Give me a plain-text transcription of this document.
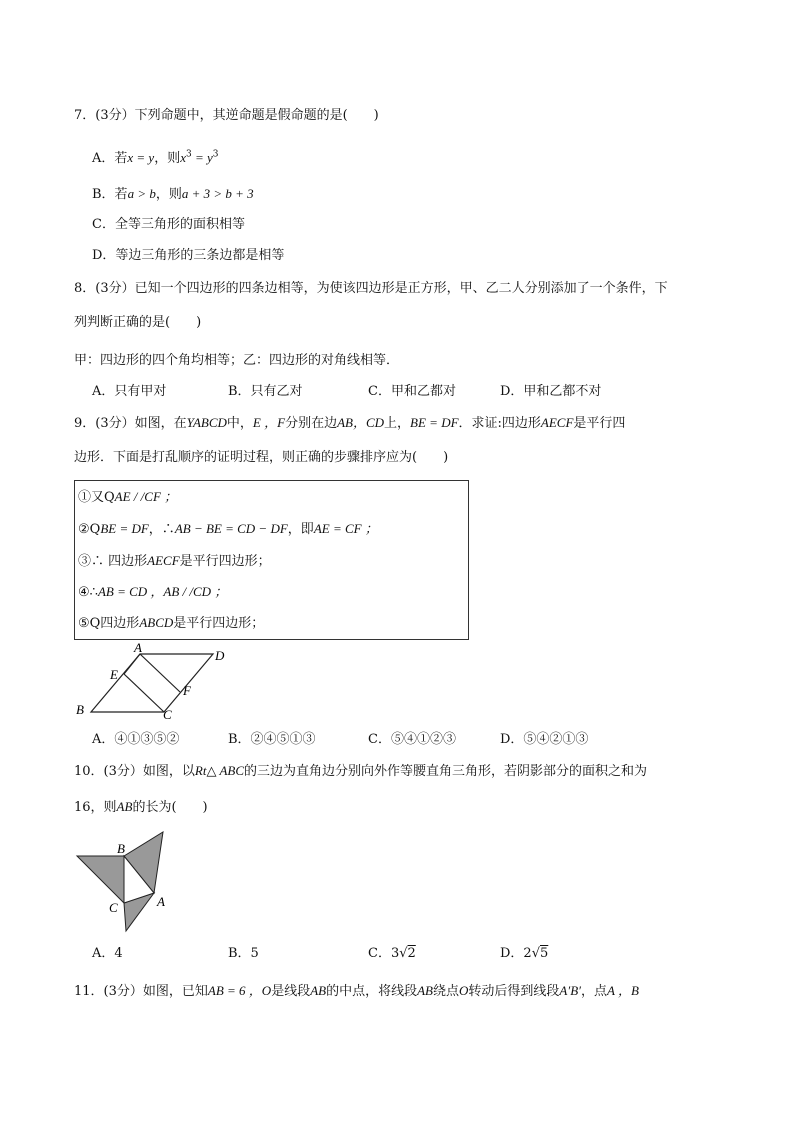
7．(3分）下列命题中，其逆命题是假命题的是(　　)
A．若x = y，则$x^3 = y^3$
B．若a > b，则a + 3 > b + 3
C．全等三角形的面积相等
D．等边三角形的三条边都是相等
8．(3分）已知一个四边形的四条边相等，为使该四边形是正方形，甲、乙二人分别添加了一个条件，下
列判断正确的是(　　)
甲：四边形的四个角均相等；乙：四边形的对角线相等．
A．只有甲对	B．只有乙对	C．甲和乙都对	D．甲和乙都不对
9．(3分）如图，在YABCD中，E ，F分别在边AB，CD上，BE = DF．求证:四边形AECF是平行四
边形．下面是打乱顺序的证明过程，则正确的步骤排序应为(　　)
①又QAE / /CF ；
②QBE = DF，∴AB − BE = CD − DF，即AE = CF ；
③∴ 四边形AECF是平行四边形；
④∴AB = CD ，AB / /CD ；
⑤Q四边形ABCD是平行四边形；
A
D
E
F
B	C
A．④①③⑤②	B．②④⑤①③	C．⑤④①②③	D．⑤④②①③
10．(3分）如图，以Rt△ ABC的三边为直角边分别向外作等腰直角三角形，若阴影部分的面积之和为
16，则AB的长为(　　)
B
C	A
A．4	B．5	C．3√2	D．2√5
11．(3分）如图，已知AB = 6 ，O是线段AB的中点，将线段AB绕点O转动后得到线段A′B′，点A ，B
